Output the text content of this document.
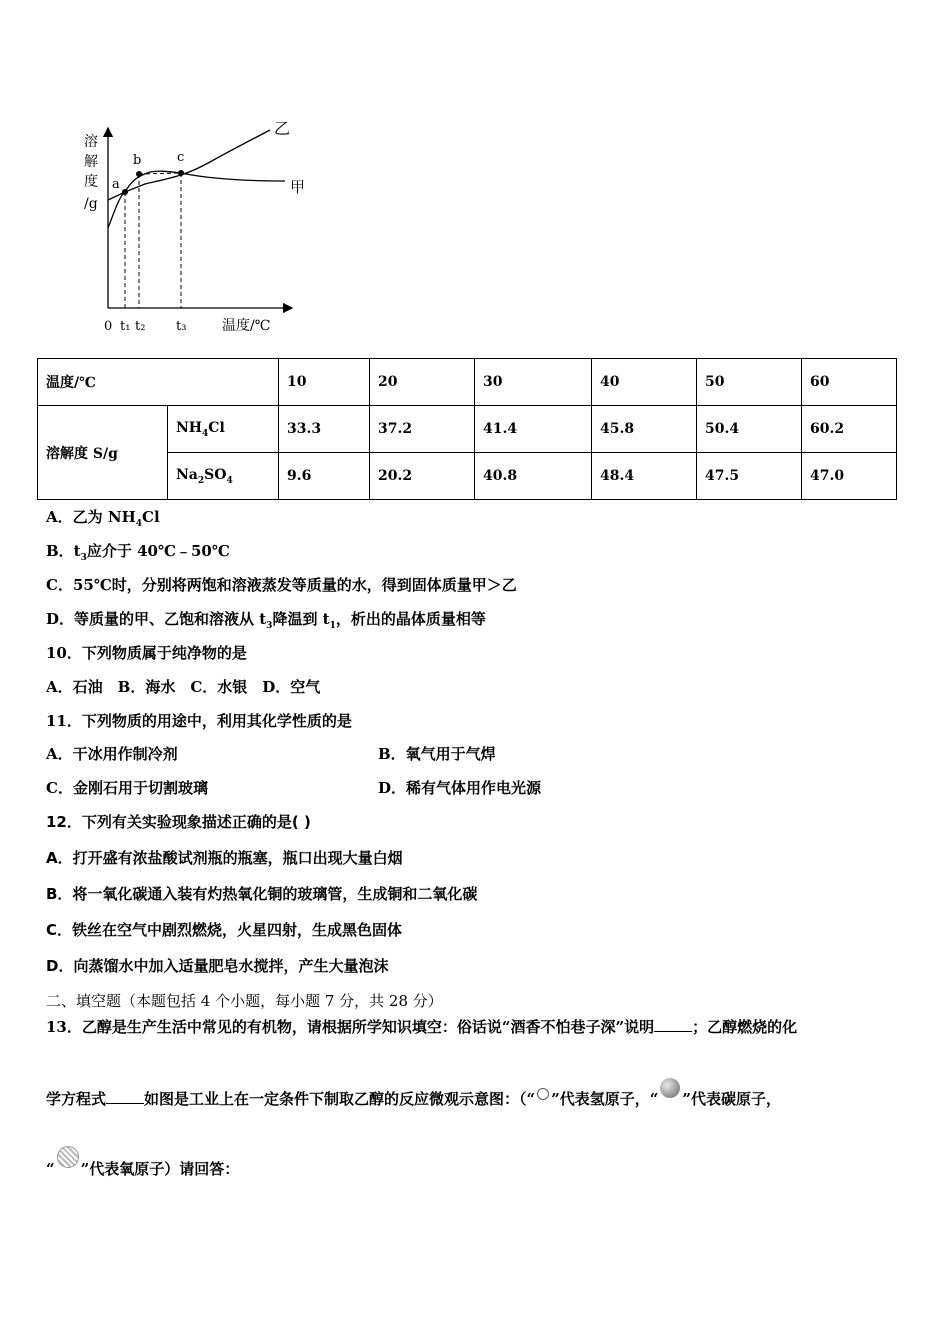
a
b	c
乙
甲
溶
解
度
/g
0 t₁ t₂ t₃	温度/℃
温度/℃		10	20	30	40	50	60
溶解度 S/g	$NH_4Cl$	33.3	37.2	41.4	45.8	50.4	60.2
	$Na_2SO_4$	9.6	20.2	40.8	48.4	47.5	47.0
A．乙为 $NH_4Cl$
B．$t_3$应介于 40℃﹣50℃
C．55℃时，分别将两饱和溶液蒸发等质量的水，得到固体质量甲＞乙
D．等质量的甲、乙饱和溶液从 $t_3$降温到 $t_1$，析出的晶体质量相等
10．下列物质属于纯净物的是
A．石油　B．海水　C．水银　D．空气
11．下列物质的用途中，利用其化学性质的是
A．干冰用作制冷剂	B．氧气用于气焊
C．金刚石用于切割玻璃	D．稀有气体用作电光源
12．下列有关实验现象描述正确的是( )
A．打开盛有浓盐酸试剂瓶的瓶塞，瓶口出现大量白烟
B．将一氧化碳通入装有灼热氧化铜的玻璃管，生成铜和二氧化碳
C．铁丝在空气中剧烈燃烧，火星四射，生成黑色固体
D．向蒸馏水中加入适量肥皂水搅拌，产生大量泡沫
二、填空题（本题包括 4 个小题，每小题 7 分，共 28 分）
13．乙醇是生产生活中常见的有机物，请根据所学知识填空：俗话说“酒香不怕巷子深”说明	；乙醇燃烧的化
学方程式	如图是工业上在一定条件下制取乙醇的反应微观示意图：（“ ”代表氢原子，“ ”代表碳原子，
“ ”代表氧原子）请回答：
